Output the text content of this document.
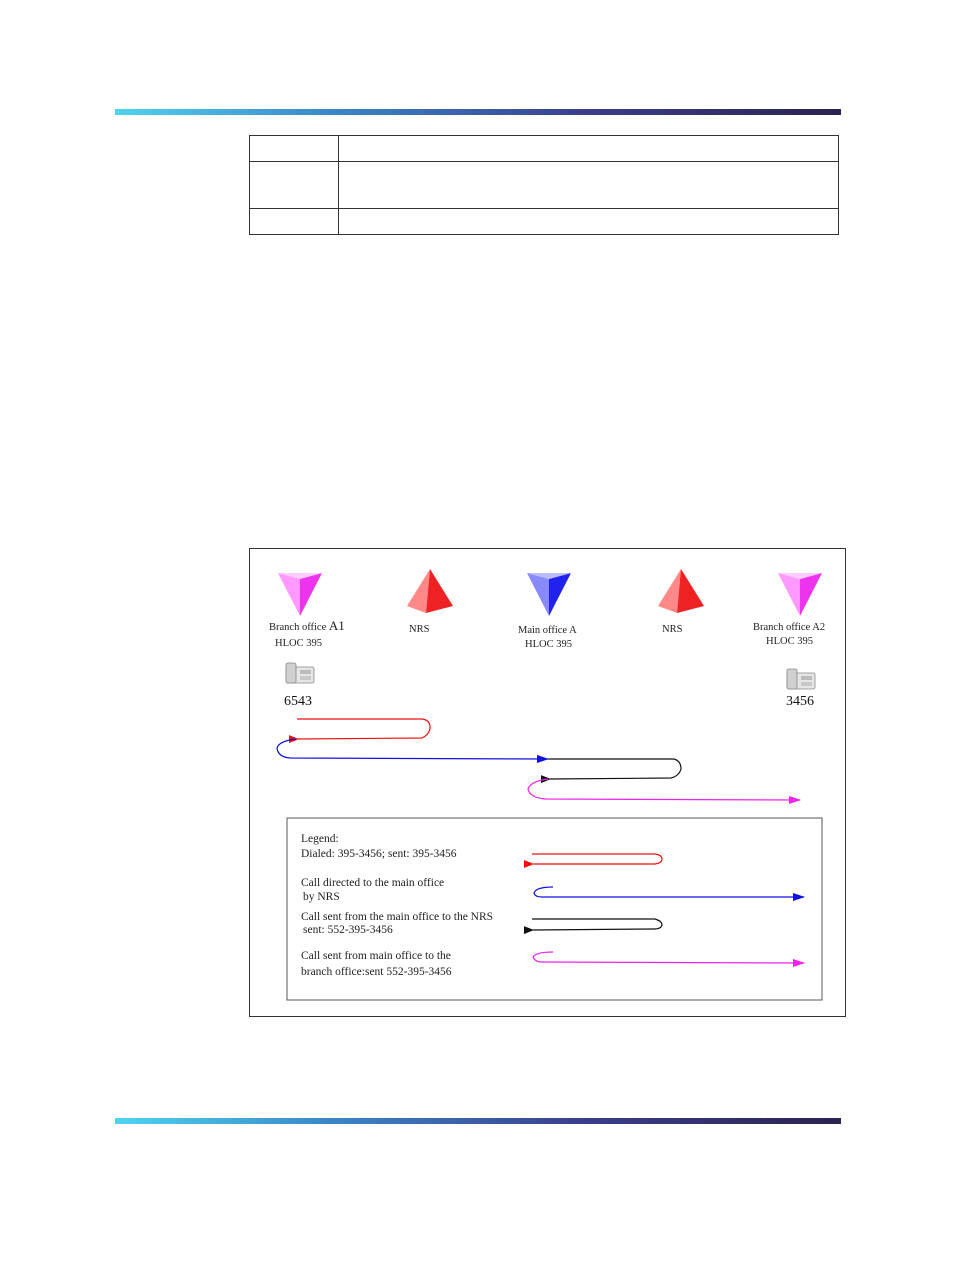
Branch office A1
HLOC 395
NRS	Main office A
HLOC 395
NRS	Branch office A2
HLOC 395
6543	3456
Legend:
Dialed: 395-3456; sent: 395-3456
Call directed to the main office
by NRS
Call sent from the main office to the NRS
sent: 552-395-3456
Call sent from main office to the
branch office:sent 552-395-3456
